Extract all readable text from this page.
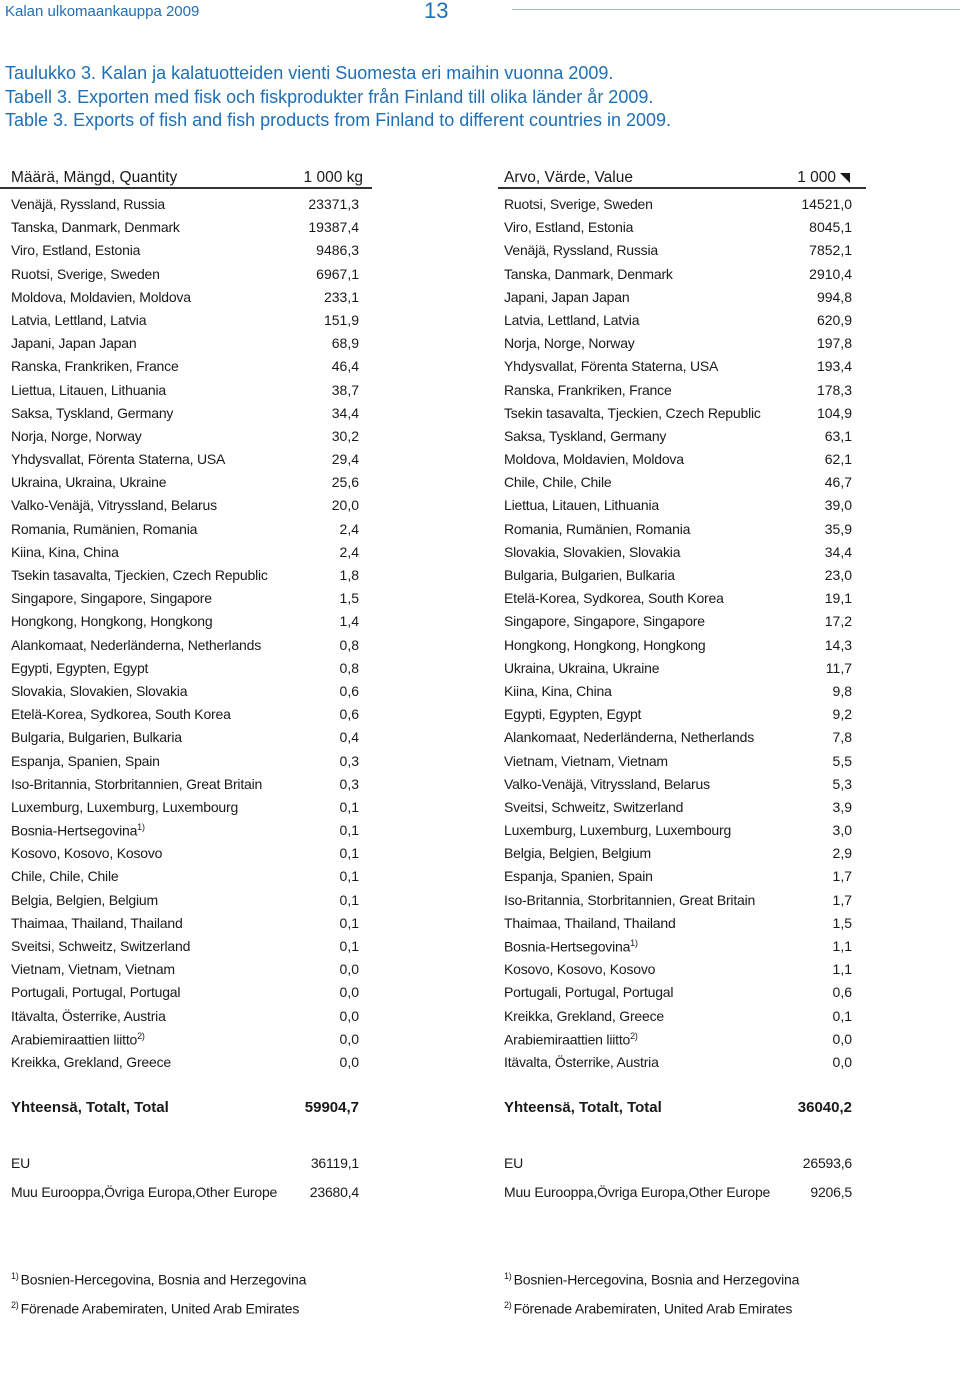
Kalan ulkomaankauppa 2009	13
Taulukko 3. Kalan ja kalatuotteiden vienti Suomesta eri maihin vuonna 2009.
Tabell 3. Exporten med fisk och fiskprodukter från Finland till olika länder år 2009.
Table 3. Exports of fish and fish products from Finland to different countries in 2009.
Määrä, Mängd, Quantity	1 000 kg
Venäjä, Ryssland, Russia	23371,3
Tanska, Danmark, Denmark	19387,4
Viro, Estland, Estonia	9486,3
Ruotsi, Sverige, Sweden	6967,1
Moldova, Moldavien, Moldova	233,1
Latvia, Lettland, Latvia	151,9
Japani, Japan Japan	68,9
Ranska, Frankriken, France	46,4
Liettua, Litauen, Lithuania	38,7
Saksa, Tyskland, Germany	34,4
Norja, Norge, Norway	30,2
Yhdysvallat, Förenta Staterna, USA	29,4
Ukraina, Ukraina, Ukraine	25,6
Valko-Venäjä, Vitryssland, Belarus	20,0
Romania, Rumänien, Romania	2,4
Kiina, Kina, China	2,4
Tsekin tasavalta, Tjeckien, Czech Republic	1,8
Singapore, Singapore, Singapore	1,5
Hongkong, Hongkong, Hongkong	1,4
Alankomaat, Nederländerna, Netherlands	0,8
Egypti, Egypten, Egypt	0,8
Slovakia, Slovakien, Slovakia	0,6
Etelä-Korea, Sydkorea, South Korea	0,6
Bulgaria, Bulgarien, Bulkaria	0,4
Espanja, Spanien, Spain	0,3
Iso-Britannia, Storbritannien, Great Britain	0,3
Luxemburg, Luxemburg, Luxembourg	0,1
Bosnia-Hertsegovina$^{1)}$	0,1
Kosovo, Kosovo, Kosovo	0,1
Chile, Chile, Chile	0,1
Belgia, Belgien, Belgium	0,1
Thaimaa, Thailand, Thailand	0,1
Sveitsi, Schweitz, Switzerland	0,1
Vietnam, Vietnam, Vietnam	0,0
Portugali, Portugal, Portugal	0,0
Itävalta, Österrike, Austria	0,0
Arabiemiraattien liitto$^{2)}$	0,0
Kreikka, Grekland, Greece	0,0
Arvo, Värde, Value	1 000
Ruotsi, Sverige, Sweden	14521,0
Viro, Estland, Estonia	8045,1
Venäjä, Ryssland, Russia	7852,1
Tanska, Danmark, Denmark	2910,4
Japani, Japan Japan	994,8
Latvia, Lettland, Latvia	620,9
Norja, Norge, Norway	197,8
Yhdysvallat, Förenta Staterna, USA	193,4
Ranska, Frankriken, France	178,3
Tsekin tasavalta, Tjeckien, Czech Republic	104,9
Saksa, Tyskland, Germany	63,1
Moldova, Moldavien, Moldova	62,1
Chile, Chile, Chile	46,7
Liettua, Litauen, Lithuania	39,0
Romania, Rumänien, Romania	35,9
Slovakia, Slovakien, Slovakia	34,4
Bulgaria, Bulgarien, Bulkaria	23,0
Etelä-Korea, Sydkorea, South Korea	19,1
Singapore, Singapore, Singapore	17,2
Hongkong, Hongkong, Hongkong	14,3
Ukraina, Ukraina, Ukraine	11,7
Kiina, Kina, China	9,8
Egypti, Egypten, Egypt	9,2
Alankomaat, Nederländerna, Netherlands	7,8
Vietnam, Vietnam, Vietnam	5,5
Valko-Venäjä, Vitryssland, Belarus	5,3
Sveitsi, Schweitz, Switzerland	3,9
Luxemburg, Luxemburg, Luxembourg	3,0
Belgia, Belgien, Belgium	2,9
Espanja, Spanien, Spain	1,7
Iso-Britannia, Storbritannien, Great Britain	1,7
Thaimaa, Thailand, Thailand	1,5
Bosnia-Hertsegovina$^{1)}$	1,1
Kosovo, Kosovo, Kosovo	1,1
Portugali, Portugal, Portugal	0,6
Kreikka, Grekland, Greece	0,1
Arabiemiraattien liitto$^{2)}$	0,0
Itävalta, Österrike, Austria	0,0
Yhteensä, Totalt, Total	59904,7	Yhteensä, Totalt, Total	36040,2
EU	36119,1
Muu Eurooppa,Övriga Europa,Other Europe 23680,4
EU	26593,6
Muu Eurooppa,Övriga Europa,Other Europe	9206,5
$^{1)}$ Bosnien-Hercegovina, Bosnia and Herzegovina
$^{2)}$ Förenade Arabemiraten, United Arab Emirates
$^{1)}$ Bosnien-Hercegovina, Bosnia and Herzegovina
$^{2)}$ Förenade Arabemiraten, United Arab Emirates
